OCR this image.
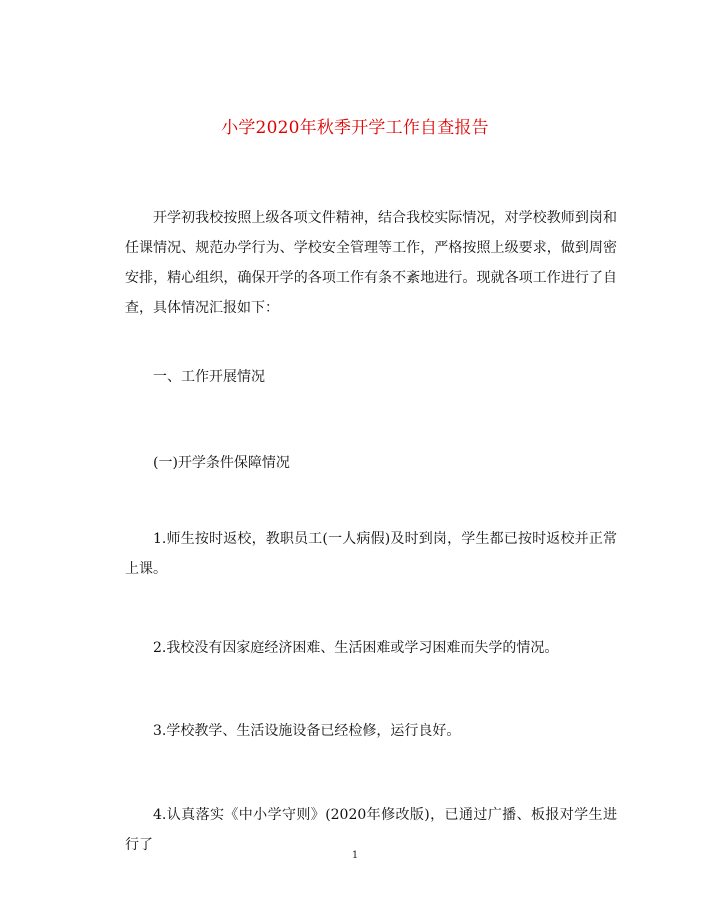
小学2020年秋季开学工作自查报告

开学初我校按照上级各项文件精神，结合我校实际情况，对学校教师到岗和任课情况、规范办学行为、学校安全管理等工作，严格按照上级要求，做到周密安排，精心组织，确保开学的各项工作有条不紊地进行。现就各项工作进行了自查，具体情况汇报如下：

一、工作开展情况

(一)开学条件保障情况

1.师生按时返校，教职员工(一人病假)及时到岗，学生都已按时返校并正常上课。

2.我校没有因家庭经济困难、生活困难或学习困难而失学的情况。

3.学校教学、生活设施设备已经检修，运行良好。

4.认真落实《中小学守则》(2020年修改版)，已通过广播、板报对学生进行了

1
